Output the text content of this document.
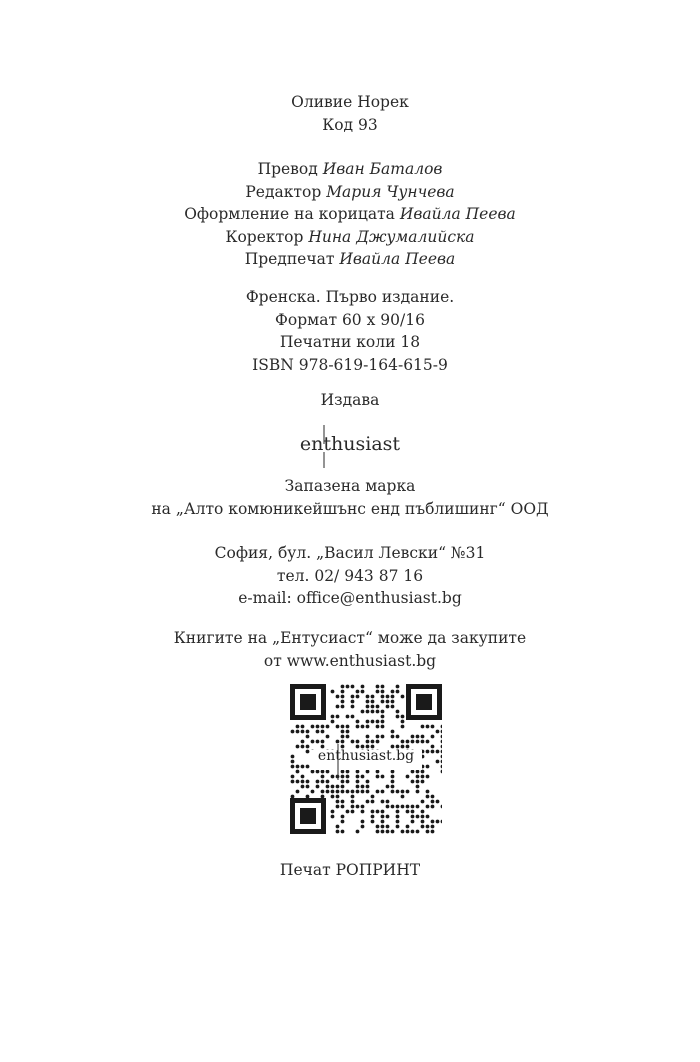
Оливие Норек
Код 93
Превод Иван Баталов
Редактор Мария Чунчева
Оформление на корицата Ивайла Пеева
Коректор Нина Джумалийска
Предпечат Ивайла Пеева
Френска. Първо издание.
Формат 60 x 90/16
Печатни коли 18
ISBN 978-619-164-615-9
Издава
enthusiast
Запазена марка
на „Алто комюникейшънс енд пъблишинг“ ООД
София, бул. „Васил Левски“ №31
тел. 02/ 943 87 16
e-mail: office@enthusiast.bg
Книгите на „Ентусиаст“ може да закупите
от www.enthusiast.bg
enthusiast.bg
Печат РОПРИНТ
